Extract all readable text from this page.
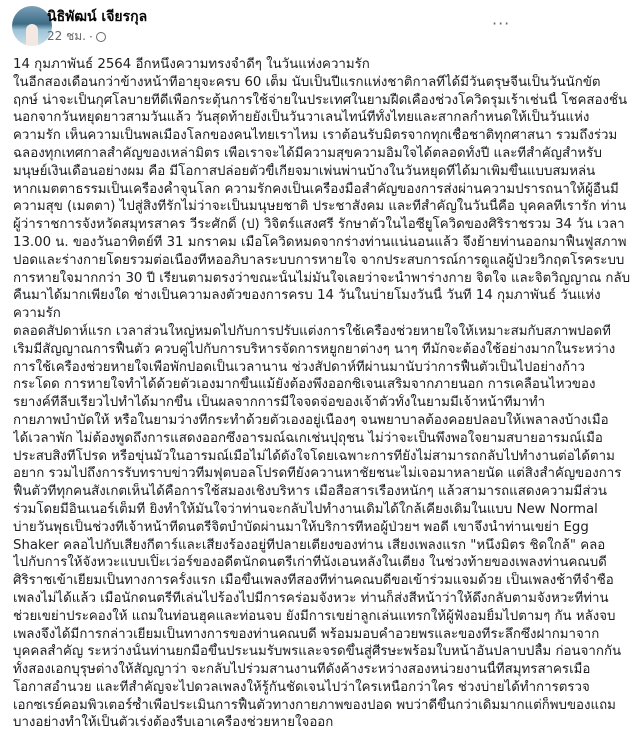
นิธิพัฒน์ เจียรกุล
22 ชม. ·
···
14 กุมภาพันธ์ 2564 อีกหนึ่งความทรงจำดีๆ ในวันแห่งความรัก
ในอีกสองเดือนกว่าข้างหน้าที่อายุจะครบ 60 เต็ม นับเป็นปีแรกแห่งชาติกาลที่ได้มีวันตรุษจีนเป็นวันนักขัต
ฤกษ์ น่าจะเป็นกุศโลบายที่ดีเพื่อกระตุ้นการใช้จ่ายในประเทศในยามฝืดเคืองช่วงโควิดรุมเร้าเช่นนี้ โชคสองชั้น
นอกจากวันหยุดยาวสามวันแล้ว วันสุดท้ายยังเป็นวันวาเลนไทน์ที่ทั้งไทยและสากลกำหนดให้เป็นวันแห่ง
ความรัก เห็นความเป็นพลเมืองโลกของคนไทยเราไหม เราต้อนรับมิตรจากทุกเชื้อชาติทุกศาสนา รวมถึงร่วม
ฉลองทุกเทศกาลสำคัญของเหล่ามิตร เพื่อเราจะได้มีความสุขความอิ่มใจได้ตลอดทั้งปี และที่สำคัญสำหรับ
มนุษย์เงินเดือนอย่างผม คือ มีโอกาสปล่อยตัวขี้เกียจมาเพ่นพ่านบ้างในวันหยุดที่ได้มาเพิ่มขึ้นแบบสมหล่น
หากเมตตาธรรมเป็นเครื่องค้ำจุนโลก ความรักคงเป็นเครื่องมือสำคัญของการส่งผ่านความปรารถนาให้ผู้อื่นมี
ความสุข (เมตตา) ไปสู่สิ่งที่รักไม่ว่าจะเป็นมนุษยชาติ ประชาสังคม และที่สำคัญในวันนี้คือ บุคคลที่เรารัก ท่าน
ผู้ว่าราชการจังหวัดสมุทรสาคร วีระศักดิ์ (ป) วิจิตร์แสงศรี รักษาตัวในไอซียูโควิดของศิริราชรวม 34 วัน เวลา
13.00 น. ของวันอาทิตย์ที่ 31 มกราคม เมื่อโควิดหมดจากร่างท่านแน่นอนแล้ว จึงย้ายท่านออกมาฟื้นฟูสภาพ
ปอดและร่างกายโดยรวมต่อเนื่องที่หออภิบาลระบบการหายใจ จากประสบการณ์การดูแลผู้ป่วยวิกฤตโรคระบบ
การหายใจมากกว่า 30 ปี เรียนตามตรงว่าขณะนั้นไม่มั่นใจเลยว่าจะนำพาร่างกาย จิตใจ และจิตวิญญาณ กลับ
คืนมาได้มากเพียงใด ช่างเป็นความลงตัวของการครบ 14 วันในบ่ายโมงวันนี้ วันที่ 14 กุมภาพันธ์ วันแห่ง
ความรัก
ตลอดสัปดาห์แรก เวลาส่วนใหญ่หมดไปกับการปรับแต่งการใช้เครื่องช่วยหายใจให้เหมาะสมกับสภาพปอดที่
เริ่มมีสัญญาณการฟื้นตัว ควบคู่ไปกับการบริหารจัดการหยูกยาต่างๆ นาๆ ที่มักจะต้องใช้อย่างมากในระหว่าง
การใช้เครื่องช่วยหายใจเพื่อพักปอดเป็นเวลานาน ช่วงสัปดาห์ที่ผ่านมานับว่าการฟื้นตัวเป็นไปอย่างก้าว
กระโดด การหายใจทำได้ด้วยตัวเองมากขึ้นแม้ยังต้องพึ่งออกซิเจนเสริมจากภายนอก การเคลื่อนไหวของ
รยางค์ที่ลีบเรียวไปทำได้มากขึ้น เป็นผลจากการมีใจจดจ่อของเจ้าตัวทั้งในยามมีเจ้าหน้าที่มาทำ
กายภาพบำบัดให้ หรือในยามว่างที่กระทำด้วยตัวเองอยู่เนืองๆ จนพยาบาลต้องคอยปลอบให้เพลาลงบ้างเมื่อ
ได้เวลาพัก ไม่ต้องพูดถึงการแสดงออกซึ่งอารมณ์ฉเกเช่นปุถุชน ไม่ว่าจะเป็นพึงพอใจยามสบายอารมณ์เมื่อ
ประสบสิ่งที่โปรด หรือขุ่นมัวในอารมณ์เมื่อไม่ได้ดั่งใจโดยเฉพาะการที่ยังไม่สามารถกลับไปทำงานต่อได้ตาม
อยาก รวมไปถึงการรับทราบข่าวทีมฟุตบอลโปรดที่ยังควานหาชัยชนะไม่เจอมาหลายนัด แต่สิ่งสำคัญของการ
ฟื้นตัวที่ทุกคนสังเกตเห็นได้คือการใช้สมองเชิงบริหาร เมื่อสื่อสารเรื่องหนักๆ แล้วสามารถแสดงความมีส่วน
ร่วมโดยมีอินเนอร์เต็มที่ ยิ่งทำให้มั่นใจว่าท่านจะกลับไปทำงานเดิมได้ใกล้เคียงเดิมในแบบ New Normal
บ่ายวันพุธเป็นช่วงที่เจ้าหน้าที่ดนตรีจิตบำบัดผ่านมาให้บริการที่หอผู้ป่วยฯ พอดี เขาจึงนำท่านเขย่า Egg
Shaker คลอไปกับเสียงกีตาร์และเสียงร้องอยู่ที่ปลายเตียงของท่าน เสียงเพลงแรก "หนึ่งมิตร ชิดใกล้" คลอ
ไปกับการให้จังหวะแบบเปิ๊ะเว่อร์ของอดีตนักดนตรีเก่าที่นั่งเอนหลังในเตียง ในช่วงท้ายของเพลงท่านคณบดี
ศิริราชเข้าเยี่ยมเป็นทางการครั้งแรก เมื่อขึ้นเพลงที่สองที่ท่านคณบดีขอเข้าร่วมแจมด้วย เป็นเพลงช้าที่จำชื่อ
เพลงไม่ได้แล้ว เมื่อนักดนตรีที่เล่นไปร้องไปมีการคร่อมจังหวะ ท่านก็ส่งสีหน้าว่าให้ดึงกลับตามจังหวะที่ท่าน
ช่วยเขย่าประคองให้ แถมในท่อนฮุคและท่อนจบ ยังมีการเขย่าลูกเล่นแทรกให้ผู้ฟังอมยิ้มไปตามๆ กัน หลังจบ
เพลงจึงได้มีการกล่าวเยี่ยมเป็นทางการของท่านคณบดี พร้อมมอบคำอวยพรและของที่ระลึกซึ่งฝากมาจาก
บุคคลสำคัญ ระหว่างนั้นท่านยกมือขึ้นประนมรับพรและจรดขึ้นสู่ศีรษะพร้อมใบหน้าอันปลาบปลื้ม ก่อนจากกัน
ทั้งสองเอกบุรุษต่างให้สัญญาว่า จะกลับไปร่วมสานงานที่ดั่งค้างระหว่างสองหน่วยงานนี้ที่สมุทรสาครเมื่อ
โอกาสอำนวย และที่สำคัญจะไปดวลเพลงให้รู้กันชัดเจนไปว่าใครเหนือกว่าใคร ช่วงบ่ายได้ทำการตรวจ
เอกซเรย์คอมพิวเตอร์ซ้ำเพื่อประเมินการฟื้นตัวทางกายภาพของปอด พบว่าดีขึ้นกว่าเดิมมากแต่ก็พบของแถม
บางอย่างทำให้เป็นตัวเร่งต้องรีบเอาเครื่องช่วยหายใจออก
